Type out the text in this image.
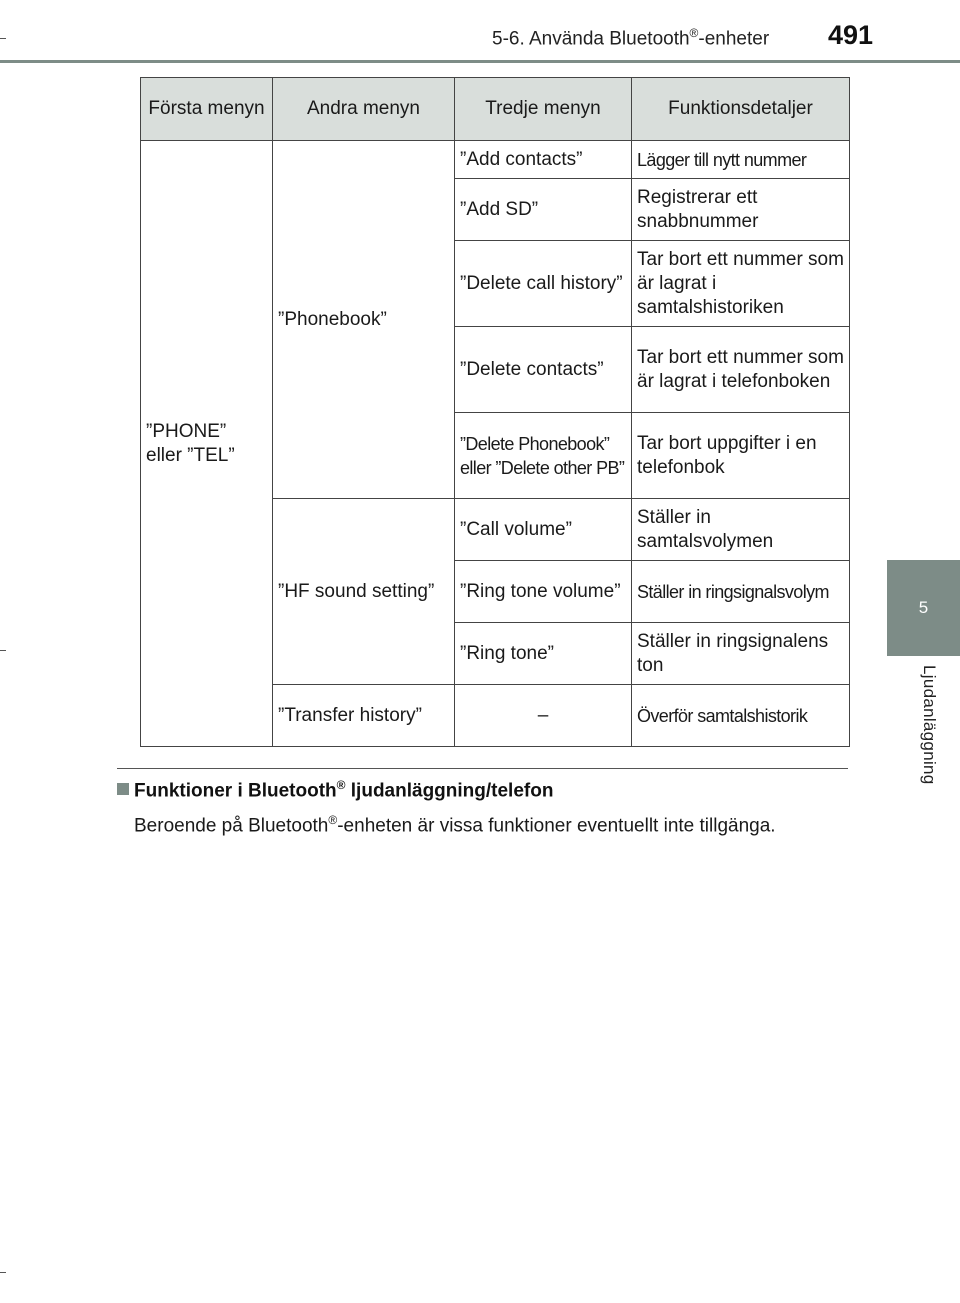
5-6. Använda Bluetooth®-enheter 491
5
Ljudanläggning
Första menyn	Andra menyn	Tredje menyn	Funktionsdetaljer
”PHONE” eller ”TEL”	”Phonebook”	”Add contacts”	Lägger till nytt nummer
		”Add SD”	Registrerar ett snabbnummer
		”Delete call history”	Tar bort ett nummer som är lagrat i samtalshistoriken
		”Delete contacts”	Tar bort ett nummer som är lagrat i telefonboken
		”Delete Phonebook” eller ”Delete other PB”	Tar bort uppgifter i en telefonbok
	”HF sound setting”	”Call volume”	Ställer in samtalsvolymen
		”Ring tone volume”	Ställer in ringsignalsvolym
		”Ring tone”	Ställer in ringsignalens ton
	”Transfer history”	–	Överför samtalshistorik
Funktioner i Bluetooth® ljudanläggning/telefon
Beroende på Bluetooth®-enheten är vissa funktioner eventuellt inte tillgänga.
